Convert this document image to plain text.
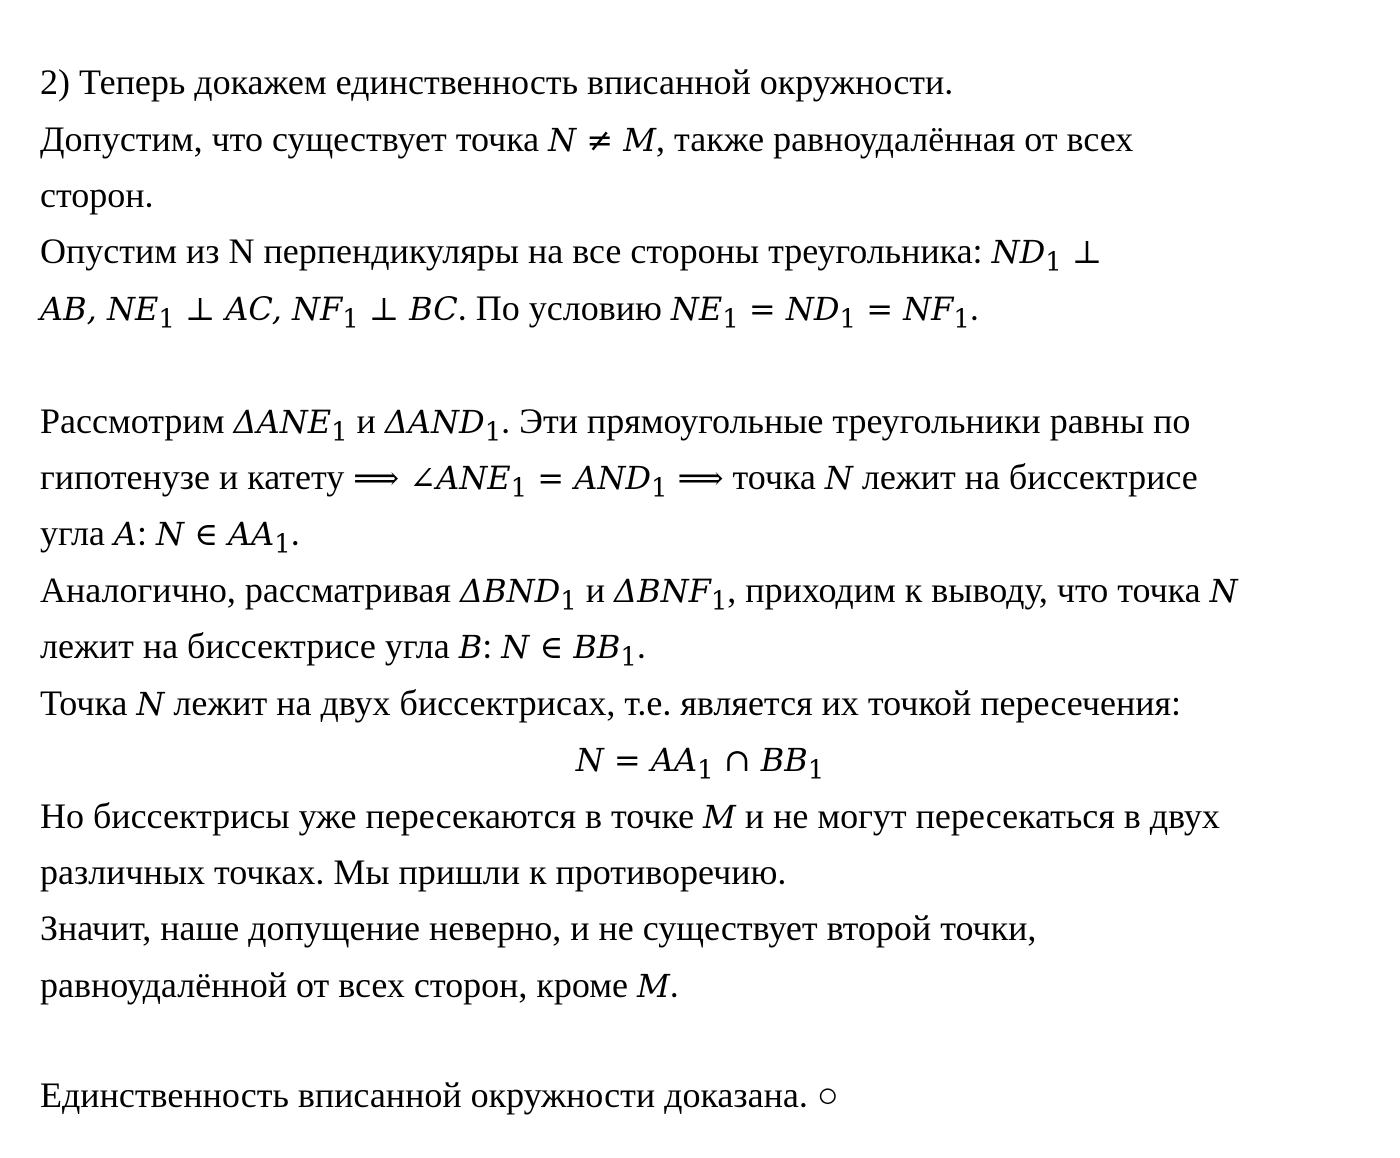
2) Теперь докажем единственность вписанной окружности.
Допустим, что существует точка N ≠ M, также равноудалённая от всех
сторон.
Опустим из N перпендикуляры на все стороны треугольника: $ND_1$ ⊥
AB, $NE_1$ ⊥ AC, $NF_1$ ⊥ BC. По условию $NE_1 = ND_1 = NF_1$.
Рассмотрим $\Delta ANE_1$ и $\Delta AND_1$. Эти прямоугольные треугольники равны по
гипотенузе и катету ⟹ $\angle ANE_1 = AND_1$ ⟹ точка N лежит на биссектрисе
угла A: N ∈ $AA_1$.
Аналогично, рассматривая $\Delta BND_1$ и $\Delta BNF_1$, приходим к выводу, что точка N
лежит на биссектрисе угла B: N ∈ $BB_1$.
Точка N лежит на двух биссектрисах, т.е. является их точкой пересечения:
$N = AA_1$ ∩ $BB_1$
Но биссектрисы уже пересекаются в точке M и не могут пересекаться в двух
различных точках. Мы пришли к противоречию.
Значит, наше допущение неверно, и не существует второй точки,
равноудалённой от всех сторон, кроме M.
Единственность вписанной окружности доказана. ○
